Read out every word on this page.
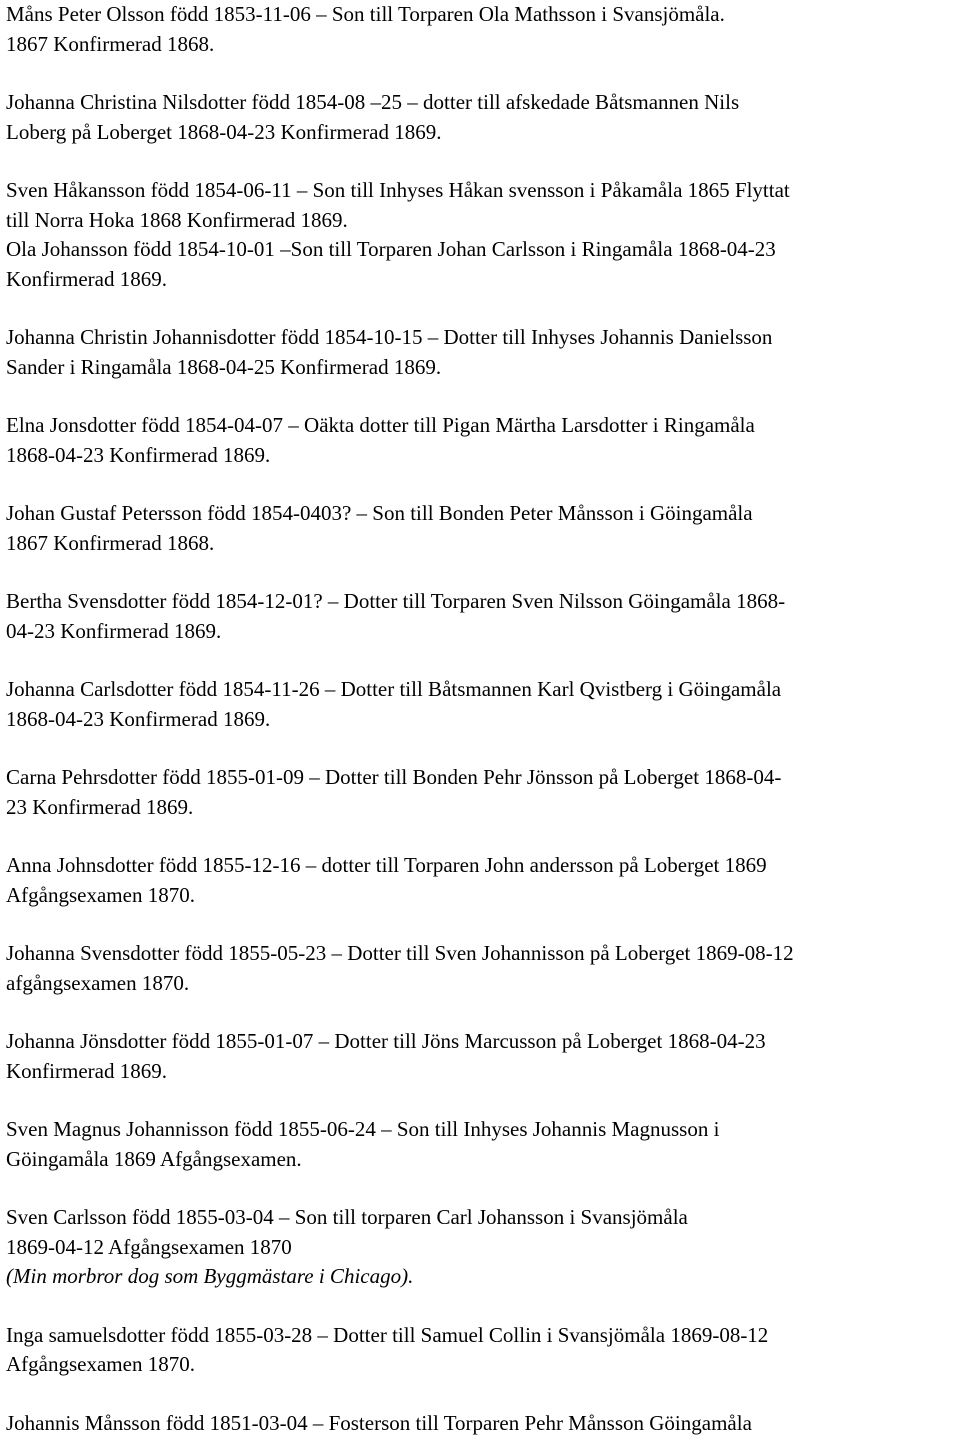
Måns Peter Olsson född 1853-11-06 – Son till Torparen Ola Mathsson i Svansjömåla.
1867 Konfirmerad 1868.

Johanna Christina Nilsdotter född 1854-08 –25 – dotter till afskedade Båtsmannen Nils
Loberg på Loberget 1868-04-23 Konfirmerad 1869.

Sven Håkansson född 1854-06-11 – Son till Inhyses Håkan svensson i Påkamåla 1865 Flyttat
till Norra Hoka 1868 Konfirmerad 1869.

Ola Johansson född 1854-10-01 –Son till Torparen Johan Carlsson i Ringamåla 1868-04-23
Konfirmerad 1869.

Johanna Christin Johannisdotter född 1854-10-15 – Dotter till Inhyses Johannis Danielsson
Sander i Ringamåla 1868-04-25 Konfirmerad 1869.

Elna Jonsdotter född 1854-04-07 – Oäkta dotter till Pigan Märtha Larsdotter i Ringamåla
1868-04-23 Konfirmerad 1869.

Johan Gustaf Petersson född 1854-0403? – Son till Bonden Peter Månsson i Göingamåla
1867 Konfirmerad 1868.

Bertha Svensdotter född 1854-12-01? – Dotter till Torparen Sven Nilsson Göingamåla 1868-
04-23 Konfirmerad 1869.

Johanna Carlsdotter född 1854-11-26 – Dotter till Båtsmannen Karl Qvistberg i Göingamåla
1868-04-23 Konfirmerad 1869.

Carna Pehrsdotter född 1855-01-09 – Dotter till Bonden Pehr Jönsson på Loberget 1868-04-
23 Konfirmerad 1869.

Anna Johnsdotter född 1855-12-16 – dotter till Torparen John andersson på Loberget 1869
Afgångsexamen 1870.

Johanna Svensdotter född 1855-05-23 – Dotter till Sven Johannisson på Loberget 1869-08-12
afgångsexamen 1870.

Johanna Jönsdotter född 1855-01-07 – Dotter till Jöns Marcusson på Loberget 1868-04-23
Konfirmerad 1869.

Sven Magnus Johannisson född 1855-06-24 – Son till Inhyses Johannis Magnusson i
Göingamåla 1869 Afgångsexamen.

Sven Carlsson född 1855-03-04 – Son till torparen Carl Johansson i Svansjömåla
1869-04-12 Afgångsexamen 1870
(Min morbror dog som Byggmästare i Chicago).

Inga samuelsdotter född 1855-03-28 – Dotter till Samuel Collin i Svansjömåla 1869-08-12
Afgångsexamen 1870.

Johannis Månsson född 1851-03-04 – Fosterson till Torparen Pehr Månsson Göingamåla
